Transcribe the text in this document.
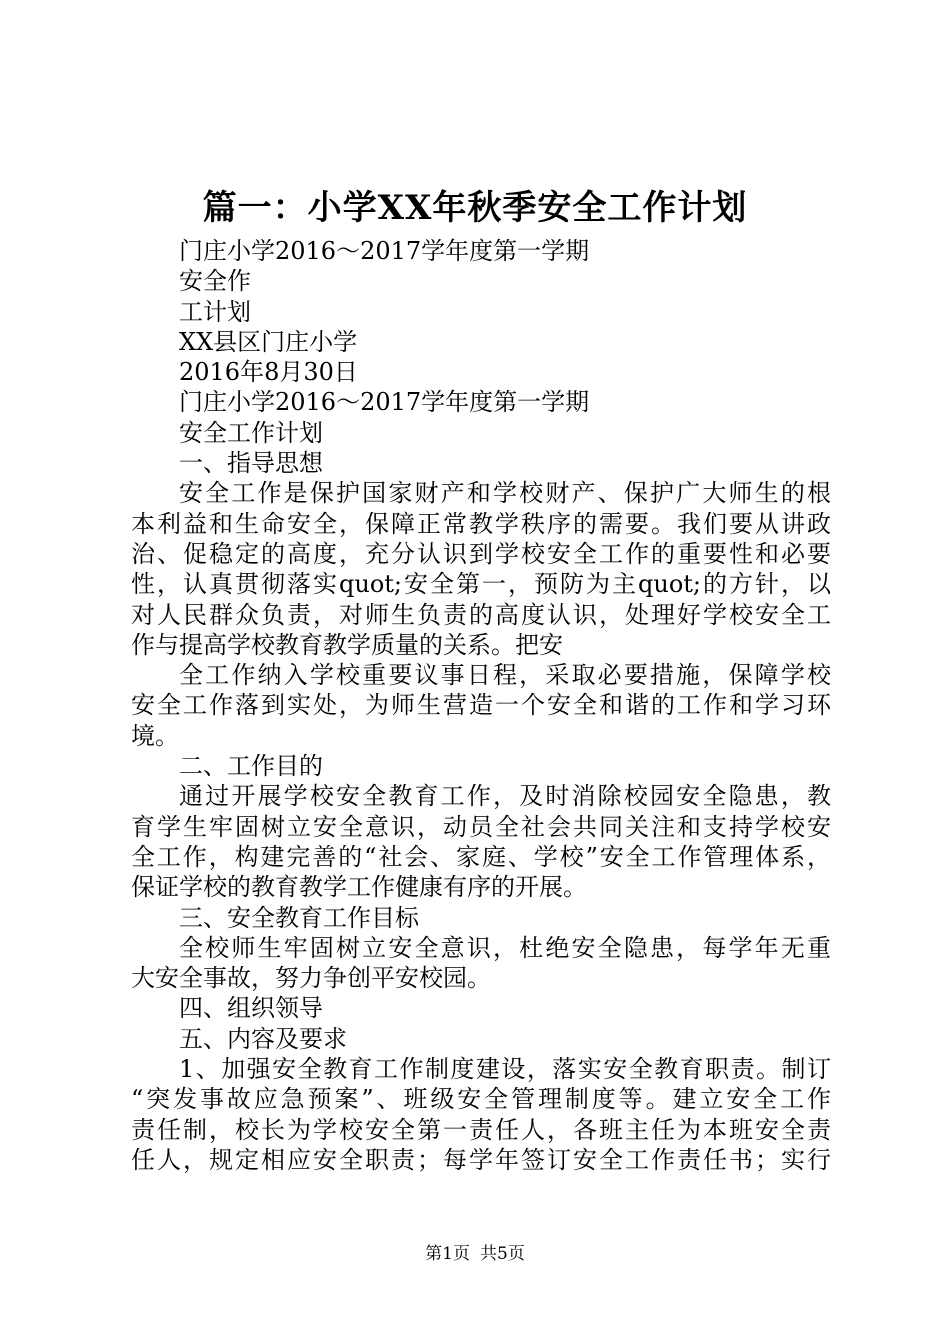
篇一：小学XX年秋季安全工作计划
门庄小学2016～2017学年度第一学期
安全作
工计划
XX县区门庄小学
2016年8月30日
门庄小学2016～2017学年度第一学期
安全工作计划
一、指导思想
安全工作是保护国家财产和学校财产、保护广大师生的根
本利益和生命安全，保障正常教学秩序的需要。我们要从讲政
治、促稳定的高度，充分认识到学校安全工作的重要性和必要
性，认真贯彻落实quot;安全第一，预防为主quot;的方针，以
对人民群众负责，对师生负责的高度认识，处理好学校安全工
作与提高学校教育教学质量的关系。把安
全工作纳入学校重要议事日程，采取必要措施，保障学校
安全工作落到实处，为师生营造一个安全和谐的工作和学习环
境。
二、工作目的
通过开展学校安全教育工作，及时消除校园安全隐患，教
育学生牢固树立安全意识，动员全社会共同关注和支持学校安
全工作，构建完善的“社会、家庭、学校”安全工作管理体系，
保证学校的教育教学工作健康有序的开展。
三、安全教育工作目标
全校师生牢固树立安全意识，杜绝安全隐患，每学年无重
大安全事故，努力争创平安校园。
四、组织领导
五、内容及要求
1、加强安全教育工作制度建设，落实安全教育职责。制订
“突发事故应急预案”、班级安全管理制度等。建立安全工作
责任制，校长为学校安全第一责任人，各班主任为本班安全责
任人，规定相应安全职责；每学年签订安全工作责任书；实行
第1页 共5页
